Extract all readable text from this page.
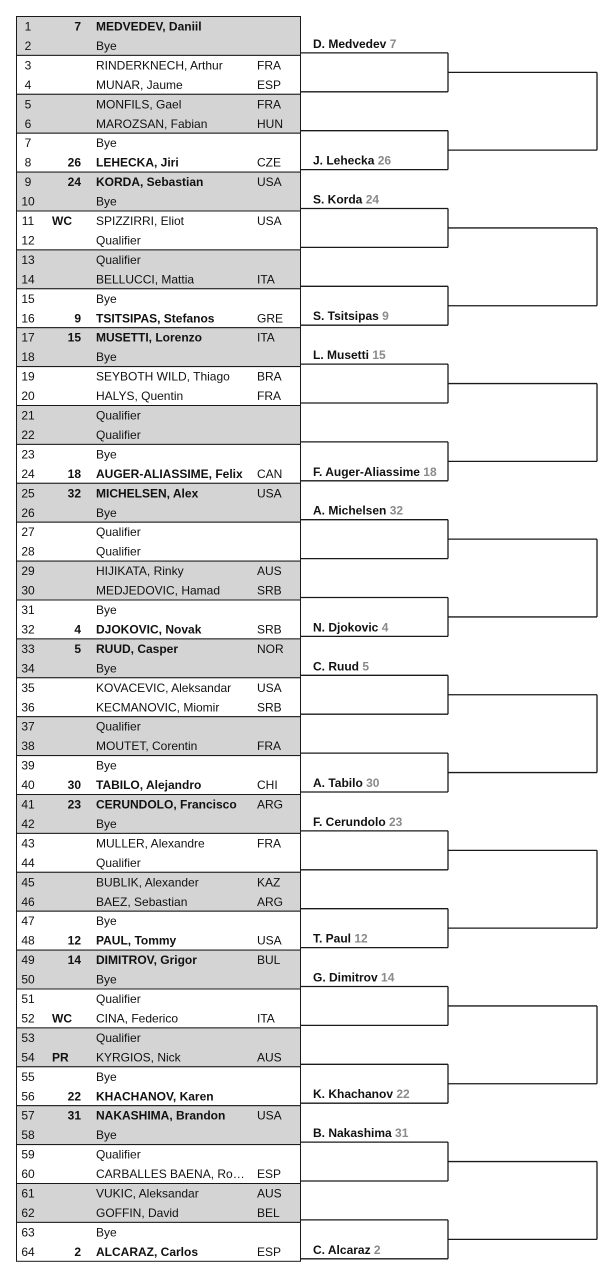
1	7 MEDVEDEV, Daniil
2	Bye
3	RINDERKNECH, Arthur	FRA
4	MUNAR, Jaume	ESP
5	MONFILS, Gael	FRA
6	MAROZSAN, Fabian	HUN
7	Bye
8	26 LEHECKA, Jiri	CZE
9	24 KORDA, Sebastian	USA
10	Bye
11 WC SPIZZIRRI, Eliot	USA
12	Qualifier
13	Qualifier
14	BELLUCCI, Mattia	ITA
15	Bye
16	9 TSITSIPAS, Stefanos	GRE
17	15 MUSETTI, Lorenzo	ITA
18	Bye
19	SEYBOTH WILD, Thiago BRA
20	HALYS, Quentin	FRA
21	Qualifier
22	Qualifier
23	Bye
24	18 AUGER-ALIASSIME, Felix CAN
25	32 MICHELSEN, Alex	USA
26	Bye
27	Qualifier
28	Qualifier
29	HIJIKATA, Rinky	AUS
30	MEDJEDOVIC, Hamad	SRB
31	Bye
32	4 DJOKOVIC, Novak	SRB
33	5 RUUD, Casper	NOR
34	Bye
35	KOVACEVIC, Aleksandar USA
36	KECMANOVIC, Miomir	SRB
37	Qualifier
38	MOUTET, Corentin	FRA
39	Bye
40	30 TABILO, Alejandro	CHI
41	23 CERUNDOLO, Francisco ARG
42	Bye
43	MULLER, Alexandre	FRA
44	Qualifier
45	BUBLIK, Alexander	KAZ
46	BAEZ, Sebastian	ARG
47	Bye
48	12 PAUL, Tommy	USA
49	14 DIMITROV, Grigor	BUL
50	Bye
51	Qualifier
52 WC CINA, Federico	ITA
53	Qualifier
54 PR KYRGIOS, Nick	AUS
55	Bye
56	22 KHACHANOV, Karen
57	31 NAKASHIMA, Brandon	USA
58	Bye
59	Qualifier
60	CARBALLES BAENA, Ro… ESP
61	VUKIC, Aleksandar	AUS
62	GOFFIN, David	BEL
63	Bye
64	2 ALCARAZ, Carlos	ESP
D. Medvedev 7
J. Lehecka 26
S. Korda 24
S. Tsitsipas 9
L. Musetti 15
F. Auger-Aliassime 18
A. Michelsen 32
N. Djokovic 4
C. Ruud 5
A. Tabilo 30
F. Cerundolo 23
T. Paul 12
G. Dimitrov 14
K. Khachanov 22
B. Nakashima 31
C. Alcaraz 2
